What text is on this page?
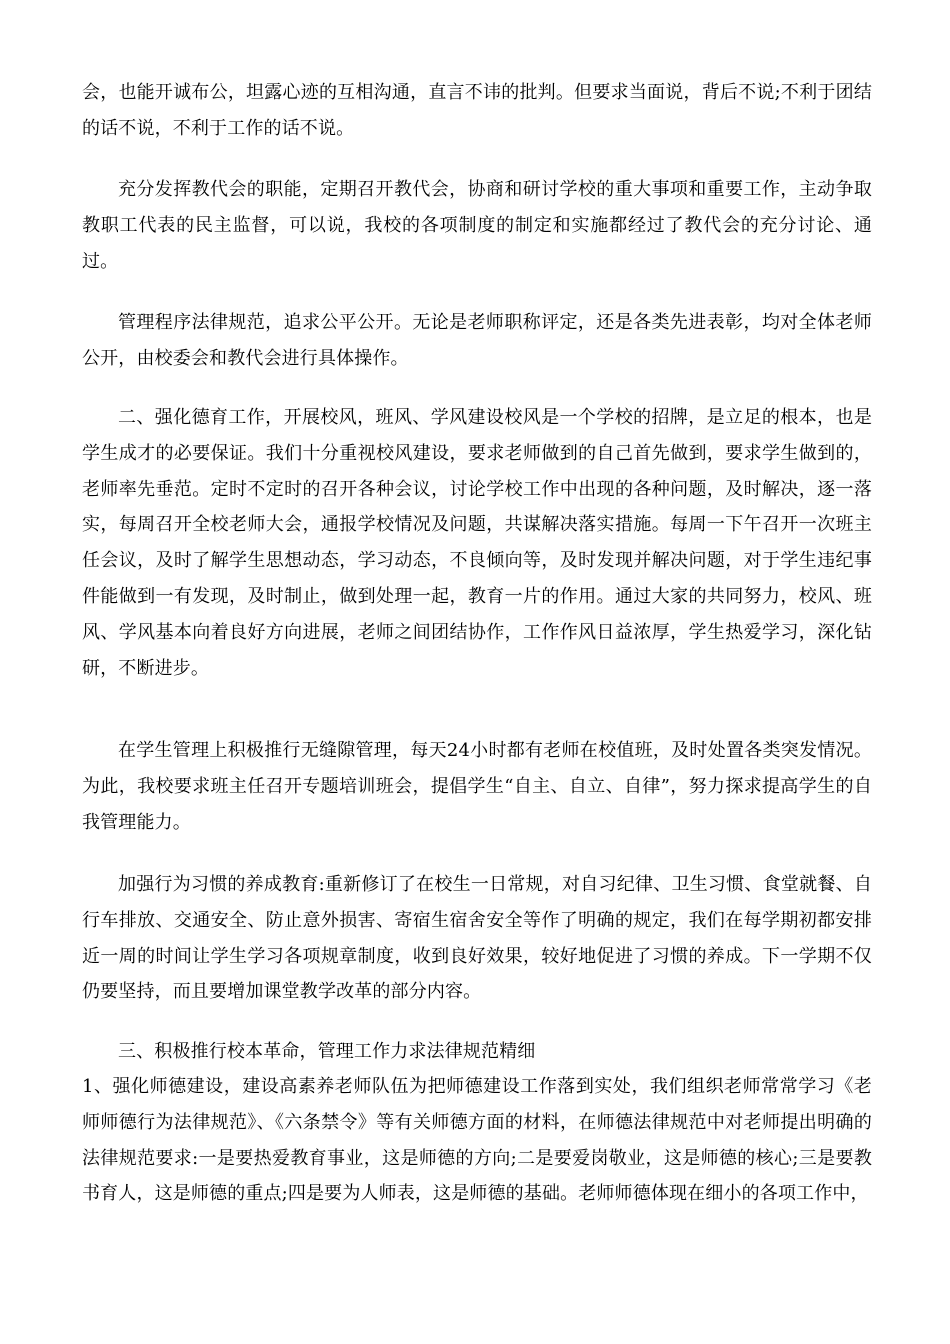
会，也能开诚布公，坦露心迹的互相沟通，直言不讳的批判。但要求当面说，背后不说;不利于团结的话不说，不利于工作的话不说。

充分发挥教代会的职能，定期召开教代会，协商和研讨学校的重大事项和重要工作，主动争取教职工代表的民主监督，可以说，我校的各项制度的制定和实施都经过了教代会的充分讨论、通过。

管理程序法律规范，追求公平公开。无论是老师职称评定，还是各类先进表彰，均对全体老师公开，由校委会和教代会进行具体操作。

二、强化德育工作，开展校风，班风、学风建设校风是一个学校的招牌，是立足的根本，也是学生成才的必要保证。我们十分重视校风建设，要求老师做到的自己首先做到，要求学生做到的，老师率先垂范。定时不定时的召开各种会议，讨论学校工作中出现的各种问题，及时解决，逐一落实，每周召开全校老师大会，通报学校情况及问题，共谋解决落实措施。每周一下午召开一次班主任会议，及时了解学生思想动态，学习动态，不良倾向等，及时发现并解决问题，对于学生违纪事件能做到一有发现，及时制止，做到处理一起，教育一片的作用。通过大家的共同努力，校风、班风、学风基本向着良好方向进展，老师之间团结协作，工作作风日益浓厚，学生热爱学习，深化钻研，不断进步。

在学生管理上积极推行无缝隙管理，每天24小时都有老师在校值班，及时处置各类突发情况。为此，我校要求班主任召开专题培训班会，提倡学生“自主、自立、自律”，努力探求提高学生的自我管理能力。

加强行为习惯的养成教育:重新修订了在校生一日常规，对自习纪律、卫生习惯、食堂就餐、自行车排放、交通安全、防止意外损害、寄宿生宿舍安全等作了明确的规定，我们在每学期初都安排近一周的时间让学生学习各项规章制度，收到良好效果，较好地促进了习惯的养成。下一学期不仅仍要坚持，而且要增加课堂教学改革的部分内容。

三、积极推行校本革命，管理工作力求法律规范精细

1、强化师德建设，建设高素养老师队伍为把师德建设工作落到实处，我们组织老师常常学习《老师师德行为法律规范》、《六条禁令》等有关师德方面的材料，在师德法律规范中对老师提出明确的法律规范要求:一是要热爱教育事业，这是师德的方向;二是要爱岗敬业，这是师德的核心;三是要教书育人，这是师德的重点;四是要为人师表，这是师德的基础。老师师德体现在细小的各项工作中，
